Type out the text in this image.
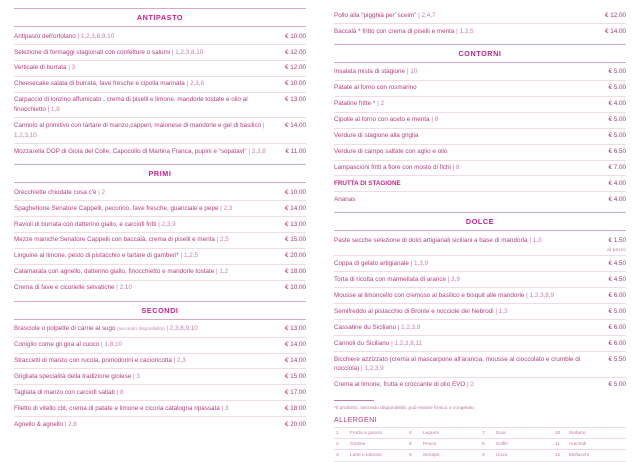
ANTIPASTO
Antipasto dell'ortolano | 1,2,3,8,9,10	€ 10.00
Selezione di formaggi stagionati con confetture o salumi | 1,2,3,8,10	€ 12.00
Verticale di burrata | 3	€ 12.00
Cheesecake salata di burrata, fave fresche e cipolla marinata | 2,3,8	€ 10.00
Carpaccio di lonzino affumicato , crema di piselli e limone, mandorle tostate e olio al finocchietto | 1,8
€ 13.00
Cannolo al primitivo con tartare di manzo,capperi, maionese di mandorle e gel di basilico | 1,2,3,10
€ 14.00
Mozzarella DOP di Gioia del Colle, Capocollo di Martina Franca, pupini e "sopatavl" | 2,3,8	€ 11.00
PRIMI
Orecchiette chiodate cosa c'è | 2	€ 10.00
Spaghettone Senatore Cappelli, pecorino, fave fresche, guanciale e pepe | 2,3	€ 14.00
Ravioli di burrata con datterino giallo, e carciofi fritti | 2,3,9	€ 13.00
Mezze maniche Senatore Cappelli con baccalà, crema di piselli e menta | 2,5	€ 15.00
Linguine al limone, pesto di pistacchio e tartare di gamberi* | 1,2,5	€ 20.00
Calamarata con agnello, datterino giallo, finocchietto e mandorle tostate | 1,2	€ 18.00
Crema di fave e cicorielle selvatiche | 2,10	€ 10.00
SECONDI
Brasciole o polpette di carne al sugo (secondo disponibilità) | 2,3,8,9,10	€ 13.00
Coniglio come gli gira al cuoco | 1,8,10	€ 14.00
Straccetti di manzo con rucola, pomodorini e cacioricotta | 2,3	€ 14.00
Grigliata specialità della tradizione gioiese | 3	€ 15.00
Tagliata di manzo con carciofi saltati | 8	€ 17.00
Filetto di vitello cbt, crema di patate e limone e cicoria catalogna ripassata | 3	€ 18.00
Agnello & agnello | 2,8	€ 20.00
Pollo alla "pigghià per' sceim" | 2,4,7	€ 12.00
Baccalà * fritto con crema di piselli e menta | 1,2,5	€ 14.00
CONTORNI
Insalata mista di stagione | 10	€ 5.00
Patate al forno con rosmarino	€ 5.00
Patatine fritte * | 2	€ 4.00
Cipolle al forno con aceto e menta | 8	€ 5.00
Verdure di stagione alla griglia	€ 5.00
Verdure di campo saltate con aglio e olio	€ 6.50
Lampascioni fritti a fiore con mosto di fichi | 8	€ 7.00
FRUTTA DI STAGIONE	€ 4.00
Ananas	€ 4.00
DOLCE
Paste secche selezione di dolci artigianali siciliani a base di mandorla | 1,3	€ 1.50
al pezzo
Coppa di gelato artigianale | 1,3,9	€ 4.50
Torta di ricotta con marmellata di arance | 3,9	€ 4.50
Mousse al limoncello con cremoso al basilico e bisquit alle mandorle | 1,2,3,8,9	€ 6.00
Semifreddo al pistacchio di Bronte e nocciole dei Nebrodi | 1,3	€ 5.00
Cassatine du Sicilianu | 1,2,3,9	€ 6.00
Cannoli du Sicilianu | 1,2,3,8,11	€ 6.00
Bicchiere azzizzato (crema al mascarpone all'arancia, mousse al cioccolato e crumble di nocciola) | 1,2,3,9
€ 5.50
Crema al limone, frutta e croccante di olio EVO | 2	€ 5.00
*Il prodotto, secondo disponibilità, può essere fresco o congelato
ALLERGENI
1	Frutta a guscio	4	Legumi	7	Soia	10	Sedano
2	Glutine	5	Pesce	8	Solfiti	11	Arachidi
3	Latte e lattosio	6	Senape	9	Uova	12	Molluschi
